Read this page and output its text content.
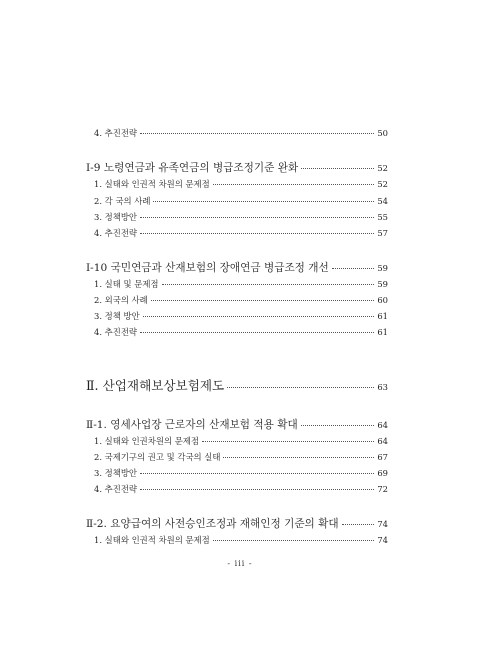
4. 추진전략	50
Ⅰ-9 노령연금과 유족연금의 병급조정기준 완화	52
1. 실태와 인권적 차원의 문제점	52
2. 각 국의 사례	54
3. 정책방안	55
4. 추진전략	57
Ⅰ-10 국민연금과 산재보험의 장애연금 병급조정 개선	59
1. 실태 및 문제점	59
2. 외국의 사례	60
3. 정책 방안	61
4. 추진전략	61
Ⅱ. 산업재해보상보험제도	63
Ⅱ-1. 영세사업장 근로자의 산재보험 적용 확대	64
1. 실태와 인권차원의 문제점	64
2. 국제기구의 권고 및 각국의 실태	67
3. 정책방안	69
4. 추진전략	72
Ⅱ-2. 요양급여의 사전승인조정과 재해인정 기준의 확대	74
1. 실태와 인권적 차원의 문제점	74
- iii -
